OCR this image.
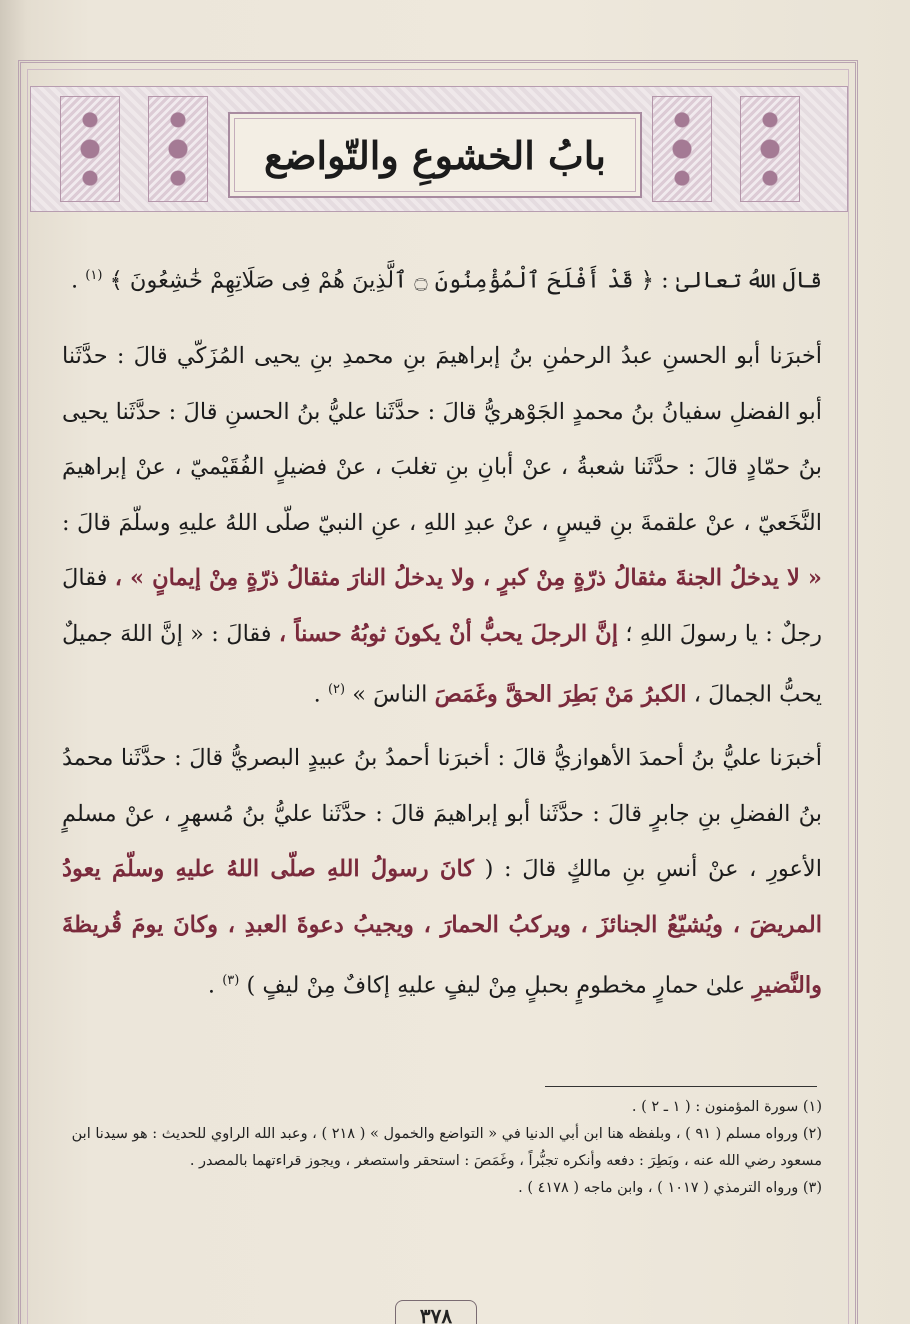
بابُ الخشوعِ والتّواضع

قالَ اللهُ تعالىٰ : ﴿ قَدْ أَفْلَحَ ٱلْمُؤْمِنُونَ ۝ ٱلَّذِينَ هُمْ فِى صَلَاتِهِمْ خَٰشِعُونَ ﴾ $^{(١)}$ .

أخبرَنا أبو الحسنِ عبدُ الرحمٰنِ بنُ إبراهيمَ بنِ محمدِ بنِ يحيى المُزَكّي قالَ : حدَّثَنا أبو الفضلِ سفيانُ بنُ محمدٍ الجَوْهريُّ قالَ : حدَّثَنا عليُّ بنُ الحسنِ قالَ : حدَّثَنا يحيى بنُ حمّادٍ قالَ : حدَّثَنا شعبةُ ، عنْ أبانِ بنِ تغلبَ ، عنْ فضيلٍ الفُقَيْميّ ، عنْ إبراهيمَ النَّخَعيّ ، عنْ علقمةَ بنِ قيسٍ ، عنْ عبدِ اللهِ ، عنِ النبيّ صلّى اللهُ عليهِ وسلّمَ قالَ : « لا يدخلُ الجنةَ مثقالُ ذرّةٍ مِنْ كبرٍ ، ولا يدخلُ النارَ مثقالُ ذرّةٍ مِنْ إيمانٍ » ، فقالَ رجلٌ : يا رسولَ اللهِ ؛ إنَّ الرجلَ يحبُّ أنْ يكونَ ثوبُهُ حسناً ، فقالَ : « إنَّ اللهَ جميلٌ يحبُّ الجمالَ ، الكبرُ مَنْ بَطِرَ الحقَّ وغَمَصَ الناسَ » $^{(٢)}$ .

أخبرَنا عليُّ بنُ أحمدَ الأهوازيُّ قالَ : أخبرَنا أحمدُ بنُ عبيدٍ البصريُّ قالَ : حدَّثَنا محمدُ بنُ الفضلِ بنِ جابرٍ قالَ : حدَّثَنا أبو إبراهيمَ قالَ : حدَّثَنا عليُّ بنُ مُسهرٍ ، عنْ مسلمٍ الأعورِ ، عنْ أنسِ بنِ مالكٍ قالَ : ( كانَ رسولُ اللهِ صلّى اللهُ عليهِ وسلّمَ يعودُ المريضَ ، ويُشيّعُ الجنائزَ ، ويركبُ الحمارَ ، ويجيبُ دعوةَ العبدِ ، وكانَ يومَ قُريظةَ والنَّضيرِ علىٰ حمارٍ مخطومٍ بحبلٍ مِنْ ليفٍ عليهِ إكافٌ مِنْ ليفٍ ) $^{(٣)}$ .

(١) سورة المؤمنون : ( ١ ـ ٢ ) .

(٢) ورواه مسلم ( ٩١ ) ، وبلفظه هنا ابن أبي الدنيا في « التواضع والخمول » ( ٢١٨ ) ، وعبد الله الراوي للحديث : هو سيدنا ابن مسعود رضي الله عنه ، وبَطِرَ : دفعه وأنكره تجبُّراً ، وغَمَصَ : استحقر واستصغر ، ويجوز قراءتهما بالمصدر .

(٣) ورواه الترمذي ( ١٠١٧ ) ، وابن ماجه ( ٤١٧٨ ) .

٣٧٨
